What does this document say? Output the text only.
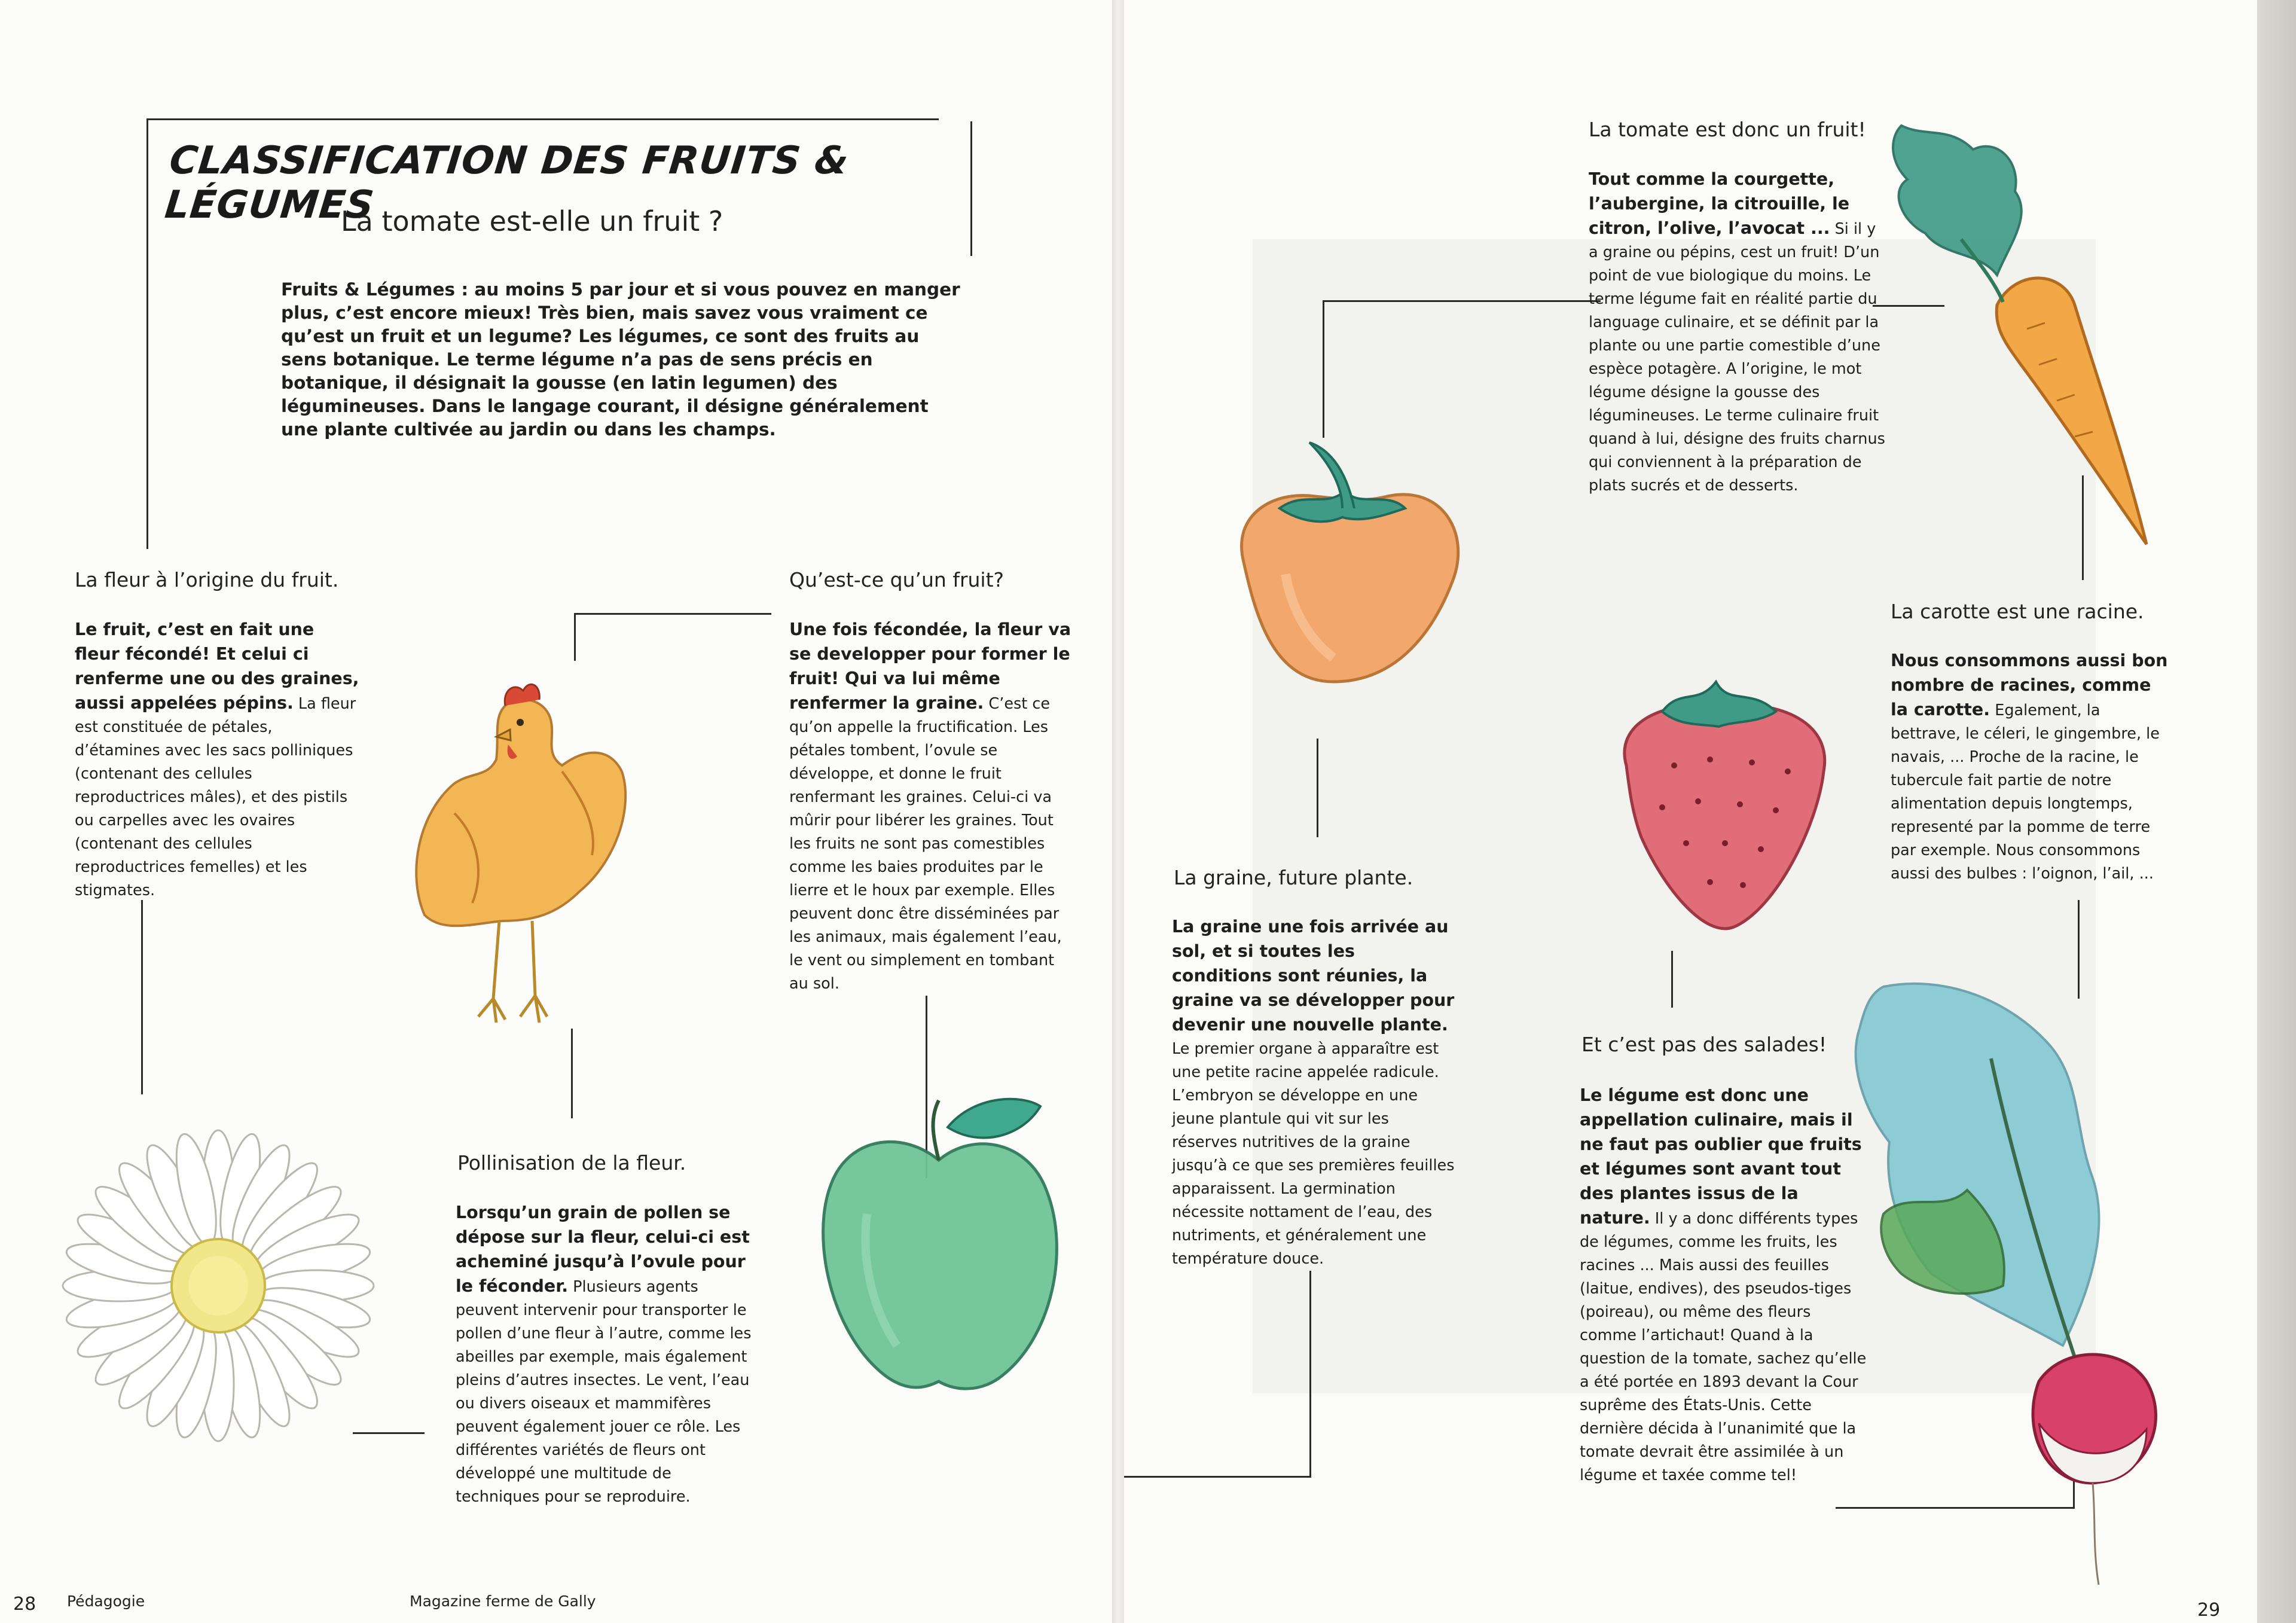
CLASSIFICATION DES FRUITS & LÉGUMES
La tomate est-elle un fruit ?

Fruits & Légumes : au moins 5 par jour et si vous pouvez en manger plus, c’est encore mieux! Très bien, mais savez vous vraiment ce qu’est un fruit et un legume? Les légumes, ce sont des fruits au sens botanique. Le terme légume n’a pas de sens précis en botanique, il désignait la gousse (en latin legumen) des légumineuses. Dans le langage courant, il désigne généralement une plante cultivée au jardin ou dans les champs.

La fleur à l’origine du fruit.

Le fruit, c’est en fait une fleur fécondé! Et celui ci renferme une ou des graines, aussi appelées pépins. La fleur est constituée de pétales, d’étamines avec les sacs polliniques (contenant des cellules reproductrices mâles), et des pistils ou carpelles avec les ovaires (contenant des cellules reproductrices femelles) et les stigmates.

Qu’est-ce qu’un fruit?

Une fois fécondée, la fleur va se developper pour former le fruit! Qui va lui même renfermer la graine. C’est ce qu’on appelle la fructification. Les pétales tombent, l’ovule se développe, et donne le fruit renfermant les graines. Celui-ci va mûrir pour libérer les graines. Tout les fruits ne sont pas comestibles comme les baies produites par le lierre et le houx par exemple. Elles peuvent donc être disséminées par les animaux, mais également l’eau, le vent ou simplement en tombant au sol.

Pollinisation de la fleur.

Lorsqu’un grain de pollen se dépose sur la fleur, celui-ci est acheminé jusqu’à l’ovule pour le féconder. Plusieurs agents peuvent intervenir pour transporter le pollen d’une fleur à l’autre, comme les abeilles par exemple, mais également pleins d’autres insectes. Le vent, l’eau ou divers oiseaux et mammifères peuvent également jouer ce rôle. Les différentes variétés de fleurs ont développé une multitude de techniques pour se reproduire.

28 Pédagogie	Magazine ferme de Gally

La tomate est donc un fruit!

Tout comme la courgette, l’aubergine, la citrouille, le citron, l’olive, l’avocat ... Si il y a graine ou pépins, cest un fruit! D’un point de vue biologique du moins. Le terme légume fait en réalité partie du language culinaire, et se définit par la plante ou une partie comestible d’une espèce potagère. A l’origine, le mot légume désigne la gousse des légumineuses. Le terme culinaire fruit quand à lui, désigne des fruits charnus qui conviennent à la préparation de plats sucrés et de desserts.

La carotte est une racine.

Nous consommons aussi bon nombre de racines, comme la carotte. Egalement, la bettrave, le céleri, le gingembre, le navais, ... Proche de la racine, le tubercule fait partie de notre alimentation depuis longtemps, representé par la pomme de terre par exemple. Nous consommons aussi des bulbes : l’oignon, l’ail, ...

La graine, future plante.

La graine une fois arrivée au sol, et si toutes les conditions sont réunies, la graine va se développer pour devenir une nouvelle plante. Le premier organe à apparaître est une petite racine appelée radicule. L’embryon se développe en une jeune plantule qui vit sur les réserves nutritives de la graine jusqu’à ce que ses premières feuilles apparaissent. La germination nécessite nottament de l’eau, des nutriments, et généralement une température douce.

Et c’est pas des salades!

Le légume est donc une appellation culinaire, mais il ne faut pas oublier que fruits et légumes sont avant tout des plantes issus de la nature. Il y a donc différents types de légumes, comme les fruits, les racines ... Mais aussi des feuilles (laitue, endives), des pseudos-tiges (poireau), ou même des fleurs comme l’artichaut! Quand à la question de la tomate, sachez qu’elle a été portée en 1893 devant la Cour suprême des États-Unis. Cette dernière décida à l’unanimité que la tomate devrait être assimilée à un légume et taxée comme tel!

29
